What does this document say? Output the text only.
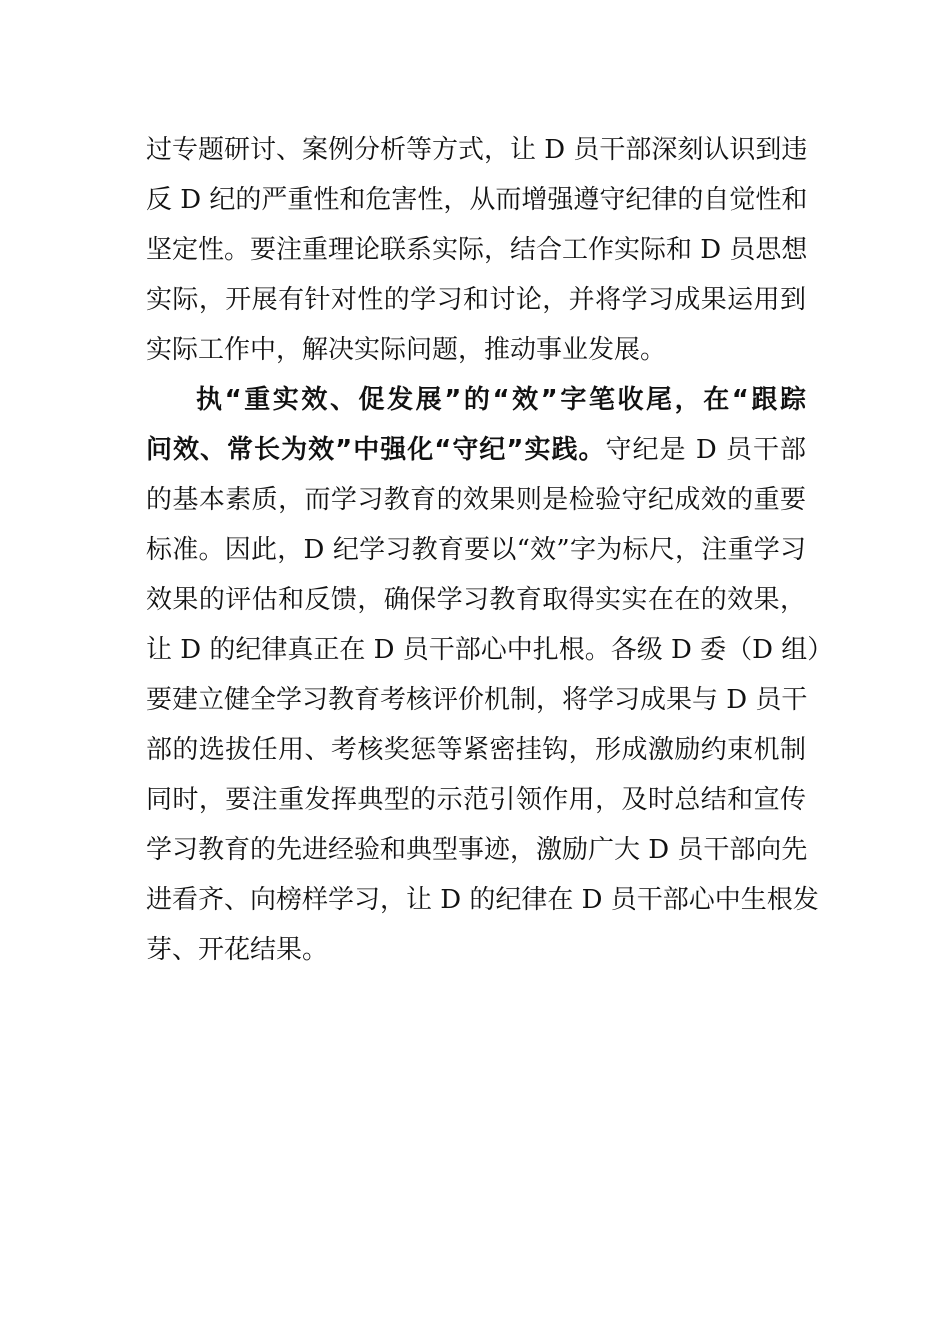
过专题研讨、案例分析等方式，让 D 员干部深刻认识到违
反 D 纪的严重性和危害性，从而增强遵守纪律的自觉性和
坚定性。要注重理论联系实际，结合工作实际和 D 员思想
实际，开展有针对性的学习和讨论，并将学习成果运用到
实际工作中，解决实际问题，推动事业发展。
执“重实效、促发展”的“效”字笔收尾，在“跟踪
问效、常长为效”中强化“守纪”实践。守纪是 D 员干部
的基本素质，而学习教育的效果则是检验守纪成效的重要
标准。因此，D 纪学习教育要以“效”字为标尺，注重学习
效果的评估和反馈，确保学习教育取得实实在在的效果，
让 D 的纪律真正在 D 员干部心中扎根。各级 D 委（D 组）
要建立健全学习教育考核评价机制，将学习成果与 D 员干
部的选拔任用、考核奖惩等紧密挂钩，形成激励约束机制
同时，要注重发挥典型的示范引领作用，及时总结和宣传
学习教育的先进经验和典型事迹，激励广大 D 员干部向先
进看齐、向榜样学习，让 D 的纪律在 D 员干部心中生根发
芽、开花结果。
